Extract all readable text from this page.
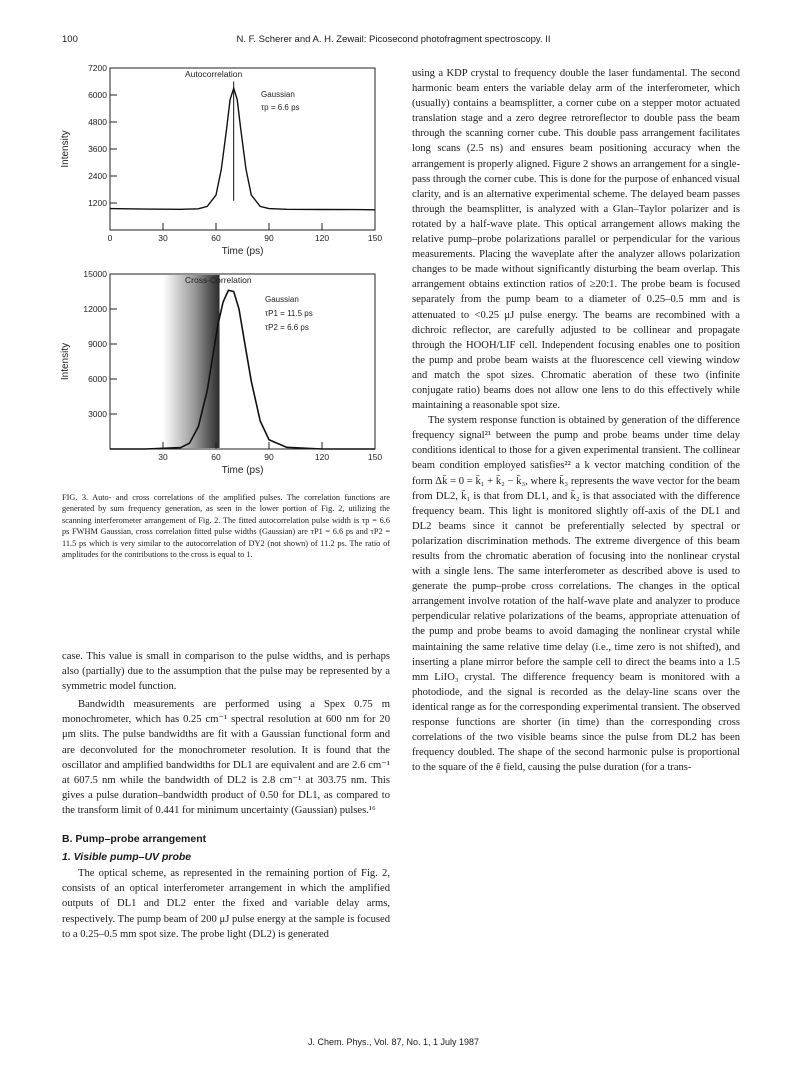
100	N. F. Scherer and A. H. Zewail: Picosecond photofragment spectroscopy. II
7200
6000
4800
3600
2400
1200
0	30	60	90	120	150
Autocorrelation
Gaussian
τp = 6.6 ps
Time (ps)
Intensity
15000
12000
9000
6000
3000
30	60	90	120	150
Cross-Correlation
Gaussian
τP1 = 11.5 ps
τP2 = 6.6 ps
Time (ps)
Intensity

FIG. 3. Auto- and cross correlations of the amplified pulses. The correlation functions are generated by sum frequency generation, as seen in the lower portion of Fig. 2, utilizing the scanning interferometer arrangement of Fig. 2. The fitted autocorrelation pulse width is τp = 6.6 ps FWHM Gaussian, cross correlation fitted pulse widths (Gaussian) are τP1 = 6.6 ps and τP2 = 11.5 ps which is very similar to the autocorrelation of DY2 (not shown) of 11.2 ps. The ratio of amplitudes for the contributions to the cross is equal to 1.

case. This value is small in comparison to the pulse widths, and is perhaps also (partially) due to the assumption that the pulse may be represented by a symmetric model function.

Bandwidth measurements are performed using a Spex 0.75 m monochrometer, which has 0.25 cm⁻¹ spectral resolution at 600 nm for 20 μm slits. The pulse bandwidths are fit with a Gaussian functional form and are deconvoluted for the monochrometer resolution. It is found that the oscillator and amplified bandwidths for DL1 are equivalent and are 2.6 cm⁻¹ at 607.5 nm while the bandwidth of DL2 is 2.8 cm⁻¹ at 303.75 nm. This gives a pulse duration–bandwidth product of 0.50 for DL1, as compared to the transform limit of 0.441 for minimum uncertainty (Gaussian) pulses.¹⁶

B. Pump–probe arrangement
1. Visible pump–UV probe

The optical scheme, as represented in the remaining portion of Fig. 2, consists of an optical interferometer arrangement in which the amplified outputs of DL1 and DL2 enter the fixed and variable delay arms, respectively. The pump beam of 200 μJ pulse energy at the sample is focused to a 0.25–0.5 mm spot size. The probe light (DL2) is generated

using a KDP crystal to frequency double the laser fundamental. The second harmonic beam enters the variable delay arm of the interferometer, which (usually) contains a beamsplitter, a corner cube on a stepper motor actuated translation stage and a zero degree retroreflector to double pass the beam through the scanning corner cube. This double pass arrangement facilitates long scans (2.5 ns) and ensures beam positioning accuracy when the arrangement is properly aligned. Figure 2 shows an arrangement for a single-pass through the corner cube. This is done for the purpose of enhanced visual clarity, and is an alternative experimental scheme. The delayed beam passes through the beamsplitter, is analyzed with a Glan–Taylor polarizer and is rotated by a half-wave plate. This optical arrangement allows making the relative pump–probe polarizations parallel or perpendicular for the various measurements. Placing the waveplate after the analyzer allows polarization changes to be made without significantly disturbing the beam overlap. This arrangement obtains extinction ratios of ≥20:1. The probe beam is focused separately from the pump beam to a diameter of 0.25–0.5 mm and is attenuated to <0.25 μJ pulse energy. The beams are recombined with a dichroic reflector, are carefully adjusted to be collinear and propagate through the HOOH/LIF cell. Independent focusing enables one to position the pump and probe beam waists at the fluorescence cell viewing window and match the spot sizes. Chromatic aberation of these two (infinite conjugate ratio) beams does not allow one lens to do this effectively while maintaining a reasonable spot size.

The system response function is obtained by generation of the difference frequency signal²¹ between the pump and probe beams under time delay conditions identical to those for a given experimental transient. The collinear beam condition employed satisfies²² a k vector matching condition of the form Δk̄ = 0 = k̄₁ + k̄₂ − k̄₃, where k̄₃ represents the wave vector for the beam from DL2, k̄₁ is that from DL1, and k̄₂ is that associated with the difference frequency beam. This light is monitored slightly off-axis of the DL1 and DL2 beams since it cannot be preferentially selected by spectral or polarization discrimination methods. The extreme divergence of this beam results from the chromatic aberation of focusing into the nonlinear crystal with a single lens. The same interferometer as described above is used to generate the pump–probe cross correlations. The changes in the optical arrangement involve rotation of the half-wave plate and analyzer to produce perpendicular relative polarizations of the beams, appropriate attenuation of the pump and probe beams to avoid damaging the nonlinear crystal while maintaining the same relative time delay (i.e., time zero is not shifted), and inserting a plane mirror before the sample cell to direct the beams into a 1.5 mm LiIO₃ crystal. The difference frequency beam is monitored with a photodiode, and the signal is recorded as the delay-line scans over the identical range as for the corresponding experimental transient. The observed response functions are shorter (in time) than the corresponding cross correlations of the two visible beams since the pulse from DL2 has been frequency doubled. The shape of the second harmonic pulse is proportional to the square of the ê field, causing the pulse duration (for a trans-

J. Chem. Phys., Vol. 87, No. 1, 1 July 1987
